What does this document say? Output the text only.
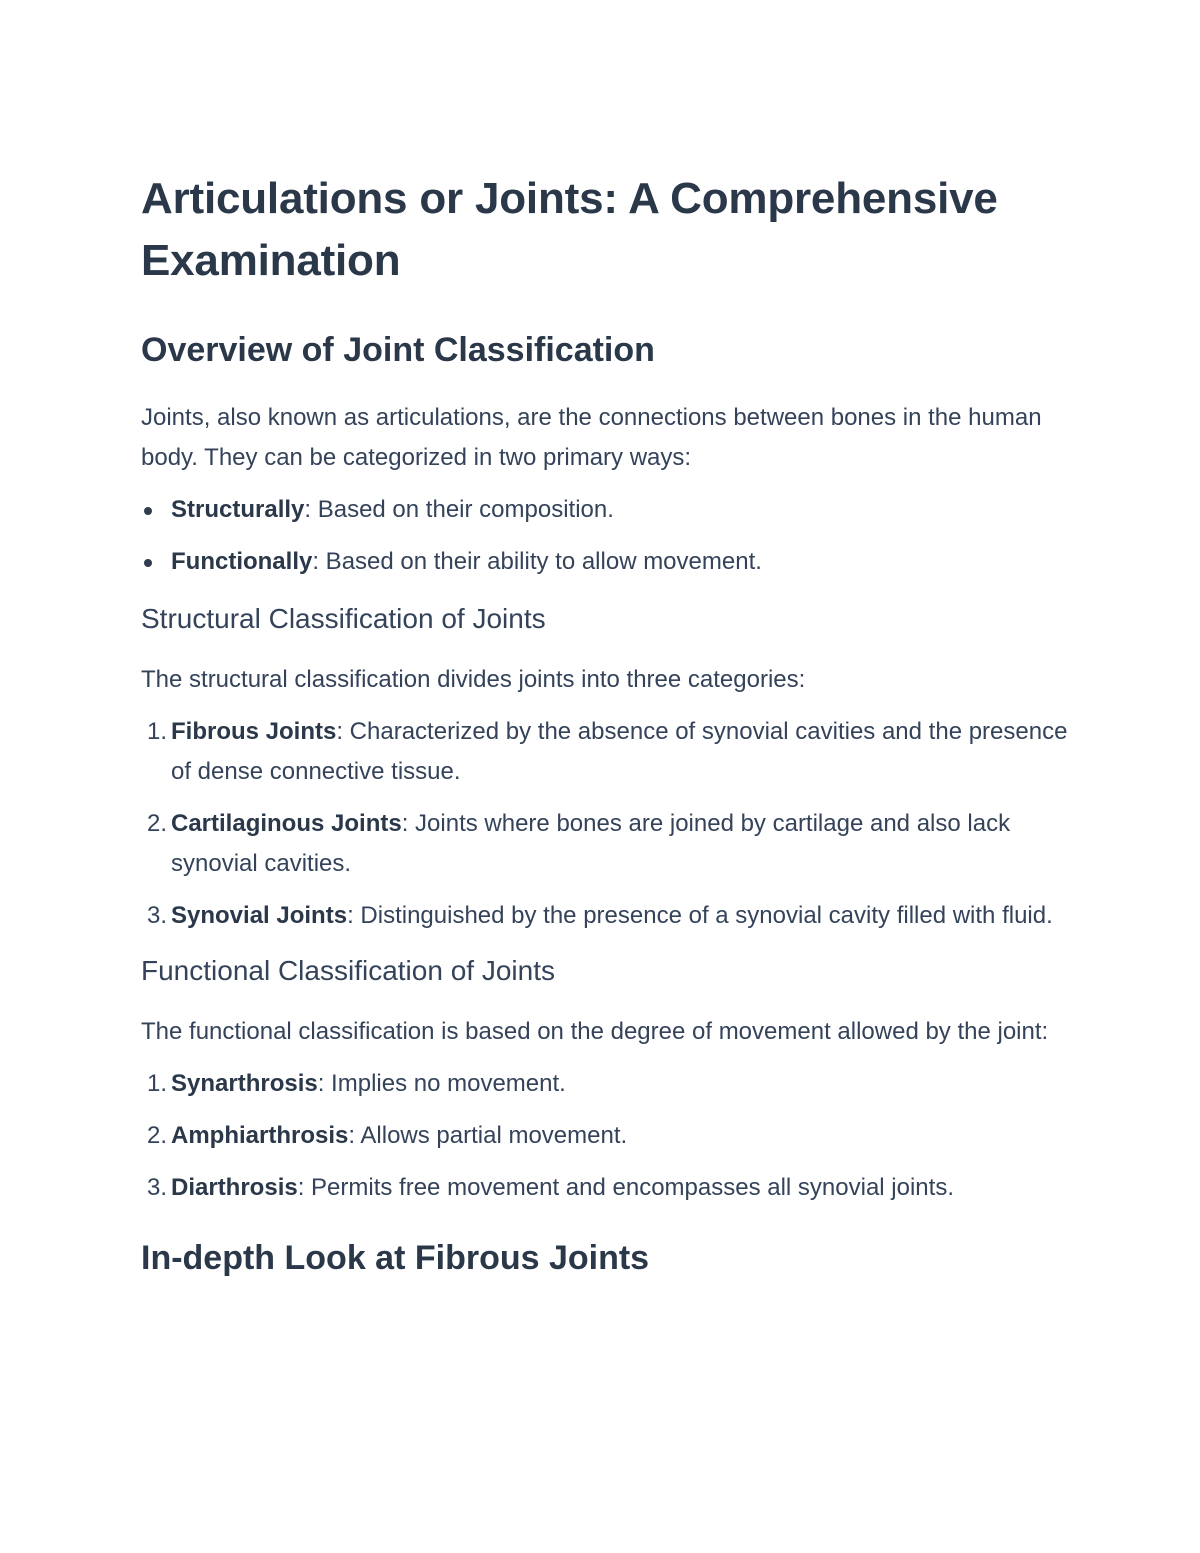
Articulations or Joints: A Comprehensive Examination
Overview of Joint Classification

Joints, also known as articulations, are the connections between bones in the human body. They can be categorized in two primary ways:

Structurally: Based on their composition.
Functionally: Based on their ability to allow movement.
Structural Classification of Joints

The structural classification divides joints into three categories:

1. Fibrous Joints: Characterized by the absence of synovial cavities and the presence of dense connective tissue.
2. Cartilaginous Joints: Joints where bones are joined by cartilage and also lack synovial cavities.
3. Synovial Joints: Distinguished by the presence of a synovial cavity filled with fluid.
Functional Classification of Joints

The functional classification is based on the degree of movement allowed by the joint:

1. Synarthrosis: Implies no movement.
2. Amphiarthrosis: Allows partial movement.
3. Diarthrosis: Permits free movement and encompasses all synovial joints.
In-depth Look at Fibrous Joints
